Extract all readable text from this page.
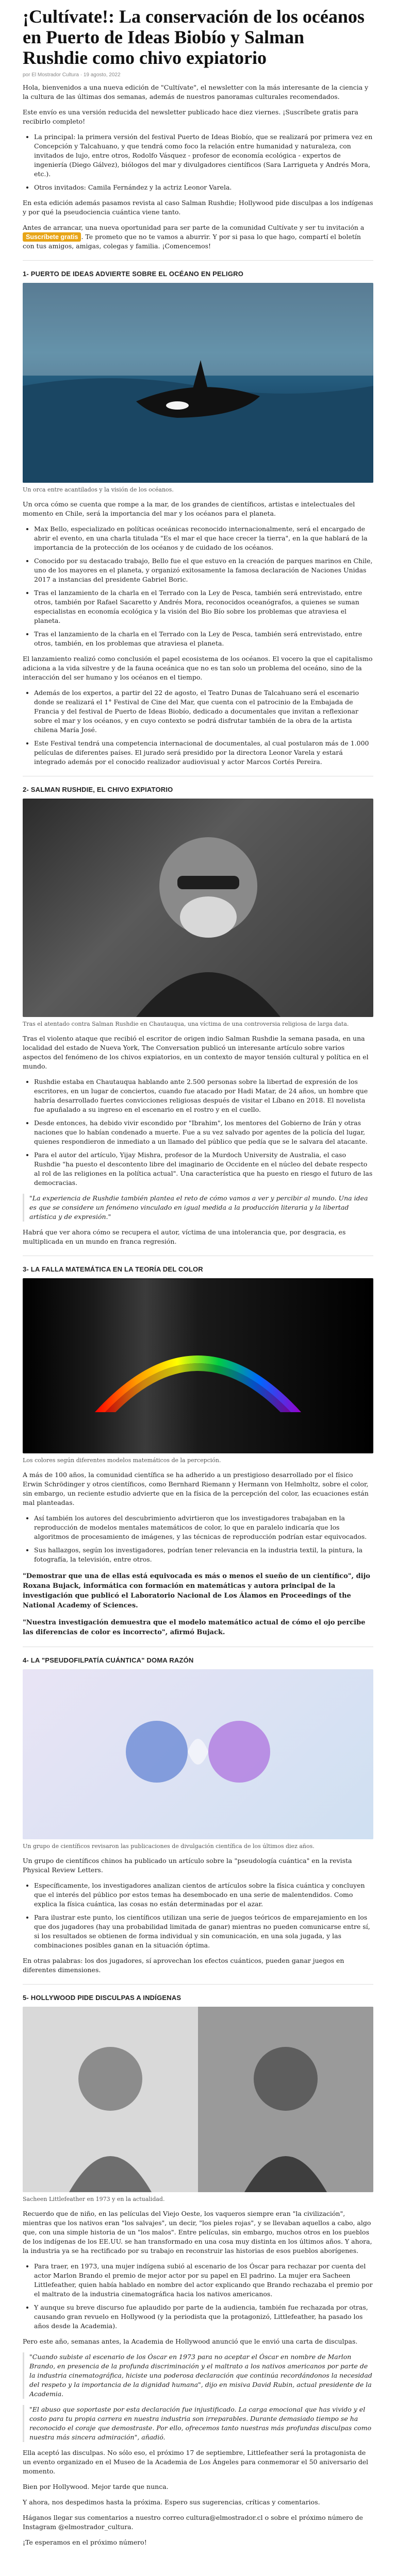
¡Cultívate!: La conservación de los océanos en Puerto de Ideas Biobío y Salman Rushdie como chivo expiatorio
por El Mostrador Cultura · 19 agosto, 2022

Hola, bienvenidos a una nueva edición de "Cultívate", el newsletter con la más interesante de la ciencia y la cultura de las últimas dos semanas, además de nuestros panoramas culturales recomendados.

Este envío es una versión reducida del newsletter publicado hace diez viernes. ¡Suscríbete gratis para recibirlo completo!

• La principal: la primera versión del festival Puerto de Ideas Biobío, que se realizará por primera vez en Concepción y Talcahuano, y que tendrá como foco la relación entre humanidad y naturaleza, con invitados de lujo, entre otros, Rodolfo Vásquez - profesor de economía ecológica - expertos de ingeniería (Diego Gálvez), biólogos del mar y divulgadores científicos (Sara Larrigueta y Andrés Mora, etc.).
• Otros invitados: Camila Fernández y la actriz Leonor Varela.

En esta edición además pasamos revista al caso Salman Rushdie; Hollywood pide disculpas a los indígenas y por qué la pseudociencia cuántica viene tanto.

Antes de arrancar, una nueva oportunidad para ser parte de la comunidad Cultívate y ser tu invitación a Suscríbete gratis . Te prometo que no te vamos a aburrir. Y por si pasa lo que hago, compartí el boletín con tus amigos, amigas, colegas y familia. ¡Comencemos!

1- PUERTO DE IDEAS ADVIERTE SOBRE EL OCÉANO EN PELIGRO
Un orca entre acantilados y la visión de los océanos.

Un orca cómo se cuenta que rompe a la mar, de los grandes de científicos, artistas e intelectuales del momento en Chile, será la importancia del mar y los océanos para el planeta.

• Max Bello, especializado en políticas oceánicas reconocido internacionalmente, será el encargado de abrir el evento, en una charla titulada "Es el mar el que hace crecer la tierra", en la que hablará de la importancia de la protección de los océanos y de cuidado de los océanos.
• Conocido por su destacado trabajo, Bello fue el que estuvo en la creación de parques marinos en Chile, uno de los mayores en el planeta, y organizó exitosamente la famosa declaración de Naciones Unidas 2017 a instancias del presidente Gabriel Boric.
• Tras el lanzamiento de la charla en el Terrado con la Ley de Pesca, también será entrevistado, entre otros, también por Rafael Sacaretto y Andrés Mora, reconocidos oceanógrafos, a quienes se suman especialistas en economía ecológica y la visión del Bio Bío sobre los problemas que atraviesa el planeta.
• Tras el lanzamiento de la charla en el Terrado con la Ley de Pesca, también será entrevistado, entre otros, también, en los problemas que atraviesa el planeta.

El lanzamiento realizó como conclusión el papel ecosistema de los océanos. El vocero la que el capitalismo adiciona a la vida silvestre y de la fauna oceánica que no es tan solo un problema del oceáno, sino de la interacción del ser humano y los océanos en el tiempo.

• Además de los expertos, a partir del 22 de agosto, el Teatro Dunas de Talcahuano será el escenario donde se realizará el 1° Festival de Cine del Mar, que cuenta con el patrocinio de la Embajada de Francia y del festival de Puerto de Ideas Biobío, dedicado a documentales que invitan a reflexionar sobre el mar y los océanos, y en cuyo contexto se podrá disfrutar también de la obra de la artista chilena María José.
• Este Festival tendrá una competencia internacional de documentales, al cual postularon más de 1.000 películas de diferentes países. El jurado será presidido por la directora Leonor Varela y estará integrado además por el conocido realizador audiovisual y actor Marcos Cortés Pereira.
2- SALMAN RUSHDIE, EL CHIVO EXPIATORIO
Tras el atentado contra Salman Rushdie en Chautauqua, una víctima de una controversia religiosa de larga data.

Tras el violento ataque que recibió el escritor de origen indio Salman Rushdie la semana pasada, en una localidad del estado de Nueva York, The Conversation publicó un interesante artículo sobre varios aspectos del fenómeno de los chivos expiatorios, en un contexto de mayor tensión cultural y política en el mundo.

• Rushdie estaba en Chautauqua hablando ante 2.500 personas sobre la libertad de expresión de los escritores, en un lugar de conciertos, cuando fue atacado por Hadi Matar, de 24 años, un hombre que habría desarrollado fuertes convicciones religiosas después de visitar el Líbano en 2018. El novelista fue apuñalado a su ingreso en el escenario en el rostro y en el cuello.
• Desde entonces, ha debido vivir escondido por "Ibrahim", los mentores del Gobierno de Irán y otras naciones que lo habían condenado a muerte. Fue a su vez salvado por agentes de la policía del lugar, quienes respondieron de inmediato a un llamado del público que pedía que se le salvara del atacante.
• Para el autor del artículo, Yijay Mishra, profesor de la Murdoch University de Australia, el caso Rushdie "ha puesto el descontento libre del imaginario de Occidente en el núcleo del debate respecto al rol de las religiones en la política actual". Una característica que ha puesto en riesgo el futuro de las democracias.
"La experiencia de Rushdie también plantea el reto de cómo vamos a ver y percibir al mundo. Una idea es que se considere un fenómeno vinculado en igual medida a la producción literaria y la libertad artística y de expresión."

Habrá que ver ahora cómo se recupera el autor, víctima de una intolerancia que, por desgracia, es multiplicada en un mundo en franca regresión.

3- LA FALLA MATEMÁTICA EN LA TEORÍA DEL COLOR
Los colores según diferentes modelos matemáticos de la percepción.

A más de 100 años, la comunidad científica se ha adherido a un prestigioso desarrollado por el físico Erwin Schrödinger y otros científicos, como Bernhard Riemann y Hermann von Helmholtz, sobre el color, sin embargo, un reciente estudio advierte que en la física de la percepción del color, las ecuaciones están mal planteadas.

• Así también los autores del descubrimiento advirtieron que los investigadores trabajaban en la reproducción de modelos mentales matemáticos de color, lo que en paralelo indicaría que los algoritmos de procesamiento de imágenes, y las técnicas de reproducción podrían estar equivocados.
• Sus hallazgos, según los investigadores, podrían tener relevancia en la industria textil, la pintura, la fotografía, la televisión, entre otros.
"Demostrar que una de ellas está equivocada es más o menos el sueño de un científico", dijo Roxana Bujack, informática con formación en matemáticas y autora principal de la investigación que publicó el Laboratorio Nacional de Los Álamos en Proceedings of the National Academy of Sciences.
"Nuestra investigación demuestra que el modelo matemático actual de cómo el ojo percibe las diferencias de color es incorrecto", afirmó Bujack.
4- LA "PSEUDOFILPATÍA CUÁNTICA" DOMA RAZÓN
Un grupo de científicos revisaron las publicaciones de divulgación científica de los últimos diez años.

Un grupo de científicos chinos ha publicado un artículo sobre la "pseudología cuántica" en la revista Physical Review Letters.

• Específicamente, los investigadores analizan cientos de artículos sobre la física cuántica y concluyen que el interés del público por estos temas ha desembocado en una serie de malentendidos. Como explica la física cuántica, las cosas no están determinadas por el azar.
• Para ilustrar este punto, los científicos utilizan una serie de juegos teóricos de emparejamiento en los que dos jugadores (hay una probabilidad limitada de ganar) mientras no pueden comunicarse entre sí, si los resultados se obtienen de forma individual y sin comunicación, en una sola jugada, y las combinaciones posibles ganan en la situación óptima.

En otras palabras: los dos jugadores, sí aprovechan los efectos cuánticos, pueden ganar juegos en diferentes dimensiones.

5- HOLLYWOOD PIDE DISCULPAS A INDÍGENAS
Sacheen Littlefeather en 1973 y en la actualidad.

Recuerdo que de niño, en las películas del Viejo Oeste, los vaqueros siempre eran "la civilización", mientras que los nativos eran "los salvajes", un decir, "los pieles rojas", y se llevaban aquellos a cabo, algo que, con una simple historia de un "los malos". Entre películas, sin embargo, muchos otros en los pueblos de los indígenas de los EE.UU. se han transformado en una cosa muy distinta en los últimos años. Y ahora, la industria ya se ha rectificado por su trabajo en reconstruir las historias de esos pueblos aborígenes.

• Para traer, en 1973, una mujer indígena subió al escenario de los Óscar para rechazar por cuenta del actor Marlon Brando el premio de mejor actor por su papel en El padrino. La mujer era Sacheen Littlefeather, quien había hablado en nombre del actor explicando que Brando rechazaba el premio por el maltrato de la industria cinematográfica hacia los nativos americanos.
• Y aunque su breve discurso fue aplaudido por parte de la audiencia, también fue rechazada por otras, causando gran revuelo en Hollywood (y la periodista que la protagonizó, Littlefeather, ha pasado los años desde la Academia).

Pero este año, semanas antes, la Academia de Hollywood anunció que le envió una carta de disculpas.

"Cuando subiste al escenario de los Óscar en 1973 para no aceptar el Óscar en nombre de Marlon Brando, en presencia de la profunda discriminación y el maltrato a los nativos americanos por parte de la industria cinematográfica, hiciste una poderosa declaración que continúa recordándonos la necesidad del respeto y la importancia de la dignidad humana", dijo en misiva David Rubin, actual presidente de la Academia.
"El abuso que soportaste por esta declaración fue injustificado. La carga emocional que has vivido y el costo para tu propia carrera en nuestra industria son irreparables. Durante demasiado tiempo se ha reconocido el coraje que demostraste. Por ello, ofrecemos tanto nuestras más profundas disculpas como nuestra más sincera admiración", añadió.

Ella aceptó las disculpas. No sólo eso, el próximo 17 de septiembre, Littlefeather será la protagonista de un evento organizado en el Museo de la Academia de Los Ángeles para conmemorar el 50 aniversario del momento.

Bien por Hollywood. Mejor tarde que nunca.

Y ahora, nos despedimos hasta la próxima. Espero sus sugerencias, críticas y comentarios.

Háganos llegar sus comentarios a nuestro correo cultura@elmostrador.cl o sobre el próximo número de Instagram @elmostrador_cultura.

¡Te esperamos en el próximo número!
